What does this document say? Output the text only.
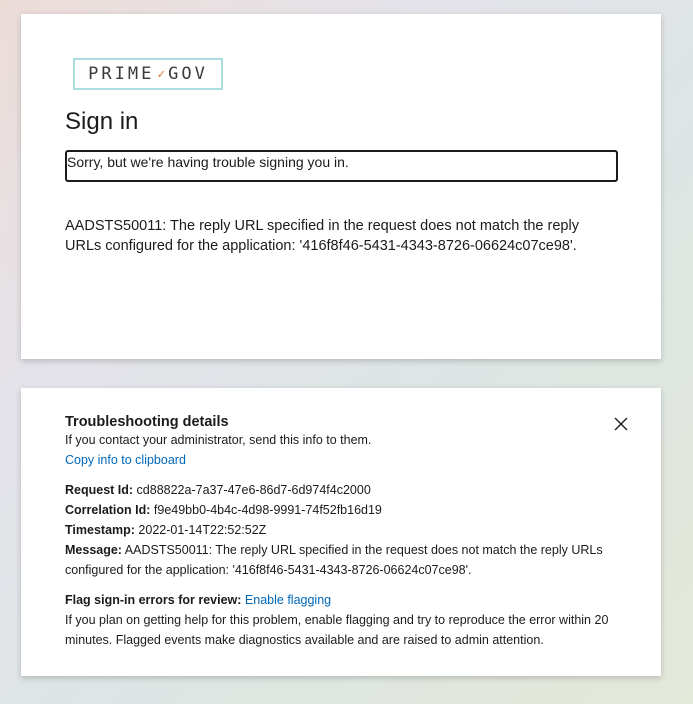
PRIME ✓ GOV
Sign in
Sorry, but we're having trouble signing you in.
AADSTS50011: The reply URL specified in the request does not match the reply URLs configured for the application: '416f8f46-5431-4343-8726-06624c07ce98'.
Troubleshooting details
If you contact your administrator, send this info to them.
Copy info to clipboard
Request Id: cd88822a-7a37-47e6-86d7-6d974f4c2000
Correlation Id: f9e49bb0-4b4c-4d98-9991-74f52fb16d19
Timestamp: 2022-01-14T22:52:52Z
Message: AADSTS50011: The reply URL specified in the request does not match the reply URLs configured for the application: '416f8f46-5431-4343-8726-06624c07ce98'.
Flag sign-in errors for review: Enable flagging
If you plan on getting help for this problem, enable flagging and try to reproduce the error within 20 minutes. Flagged events make diagnostics available and are raised to admin attention.
